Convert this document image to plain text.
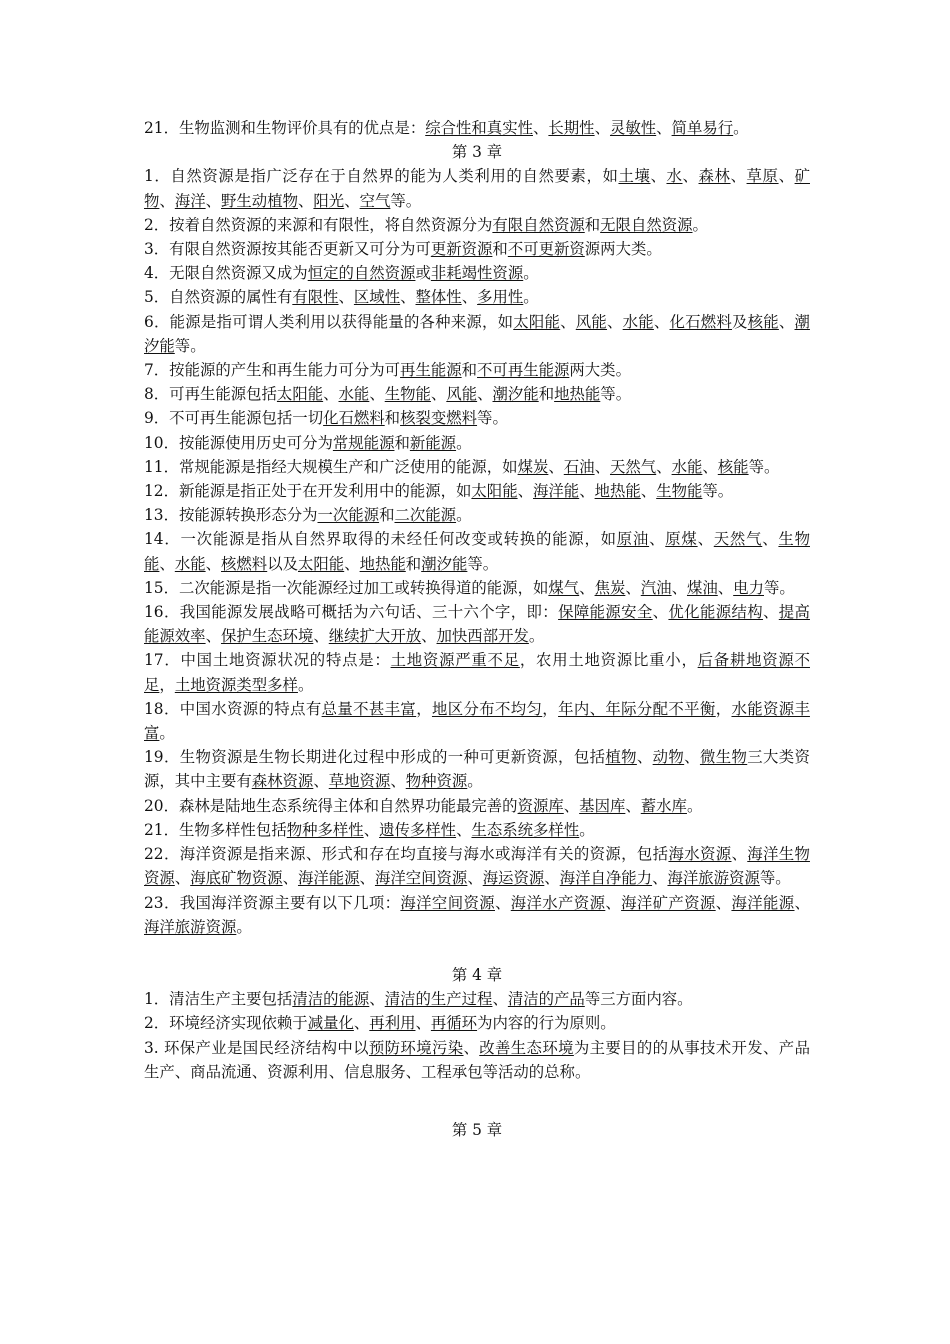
21．生物监测和生物评价具有的优点是：综合性和真实性、长期性、灵敏性、简单易行。

第 3 章

1．自然资源是指广泛存在于自然界的能为人类利用的自然要素，如土壤、水、森林、草原、矿物、海洋、野生动植物、阳光、空气等。

2．按着自然资源的来源和有限性，将自然资源分为有限自然资源和无限自然资源。

3．有限自然资源按其能否更新又可分为可更新资源和不可更新资源两大类。

4．无限自然资源又成为恒定的自然资源或非耗竭性资源。

5．自然资源的属性有有限性、区域性、整体性、多用性。

6．能源是指可谓人类利用以获得能量的各种来源，如太阳能、风能、水能、化石燃料及核能、潮汐能等。

7．按能源的产生和再生能力可分为可再生能源和不可再生能源两大类。

8．可再生能源包括太阳能、水能、生物能、风能、潮汐能和地热能等。

9．不可再生能源包括一切化石燃料和核裂变燃料等。

10．按能源使用历史可分为常规能源和新能源。

11．常规能源是指经大规模生产和广泛使用的能源，如煤炭、石油、天然气、水能、核能等。

12．新能源是指正处于在开发利用中的能源，如太阳能、海洋能、地热能、生物能等。

13．按能源转换形态分为一次能源和二次能源。

14．一次能源是指从自然界取得的未经任何改变或转换的能源，如原油、原煤、天然气、生物能、水能、核燃料以及太阳能、地热能和潮汐能等。

15．二次能源是指一次能源经过加工或转换得道的能源，如煤气、焦炭、汽油、煤油、电力等。

16．我国能源发展战略可概括为六句话、三十六个字，即：保障能源安全、优化能源结构、提高能源效率、保护生态环境、继续扩大开放、加快西部开发。

17．中国土地资源状况的特点是：土地资源严重不足，农用土地资源比重小，后备耕地资源不足，土地资源类型多样。

18．中国水资源的特点有总量不甚丰富，地区分布不均匀，年内、年际分配不平衡，水能资源丰富。

19．生物资源是生物长期进化过程中形成的一种可更新资源，包括植物、动物、微生物三大类资源，其中主要有森林资源、草地资源、物种资源。

20．森林是陆地生态系统得主体和自然界功能最完善的资源库、基因库、蓄水库。

21．生物多样性包括物种多样性、遗传多样性、生态系统多样性。

22．海洋资源是指来源、形式和存在均直接与海水或海洋有关的资源，包括海水资源、海洋生物资源、海底矿物资源、海洋能源、海洋空间资源、海运资源、海洋自净能力、海洋旅游资源等。

23．我国海洋资源主要有以下几项：海洋空间资源、海洋水产资源、海洋矿产资源、海洋能源、海洋旅游资源。

第 4 章

1．清洁生产主要包括清洁的能源、清洁的生产过程、清洁的产品等三方面内容。

2．环境经济实现依赖于减量化、再利用、再循环为内容的行为原则。

3. 环保产业是国民经济结构中以预防环境污染、改善生态环境为主要目的的从事技术开发、产品生产、商品流通、资源利用、信息服务、工程承包等活动的总称。

第 5 章
